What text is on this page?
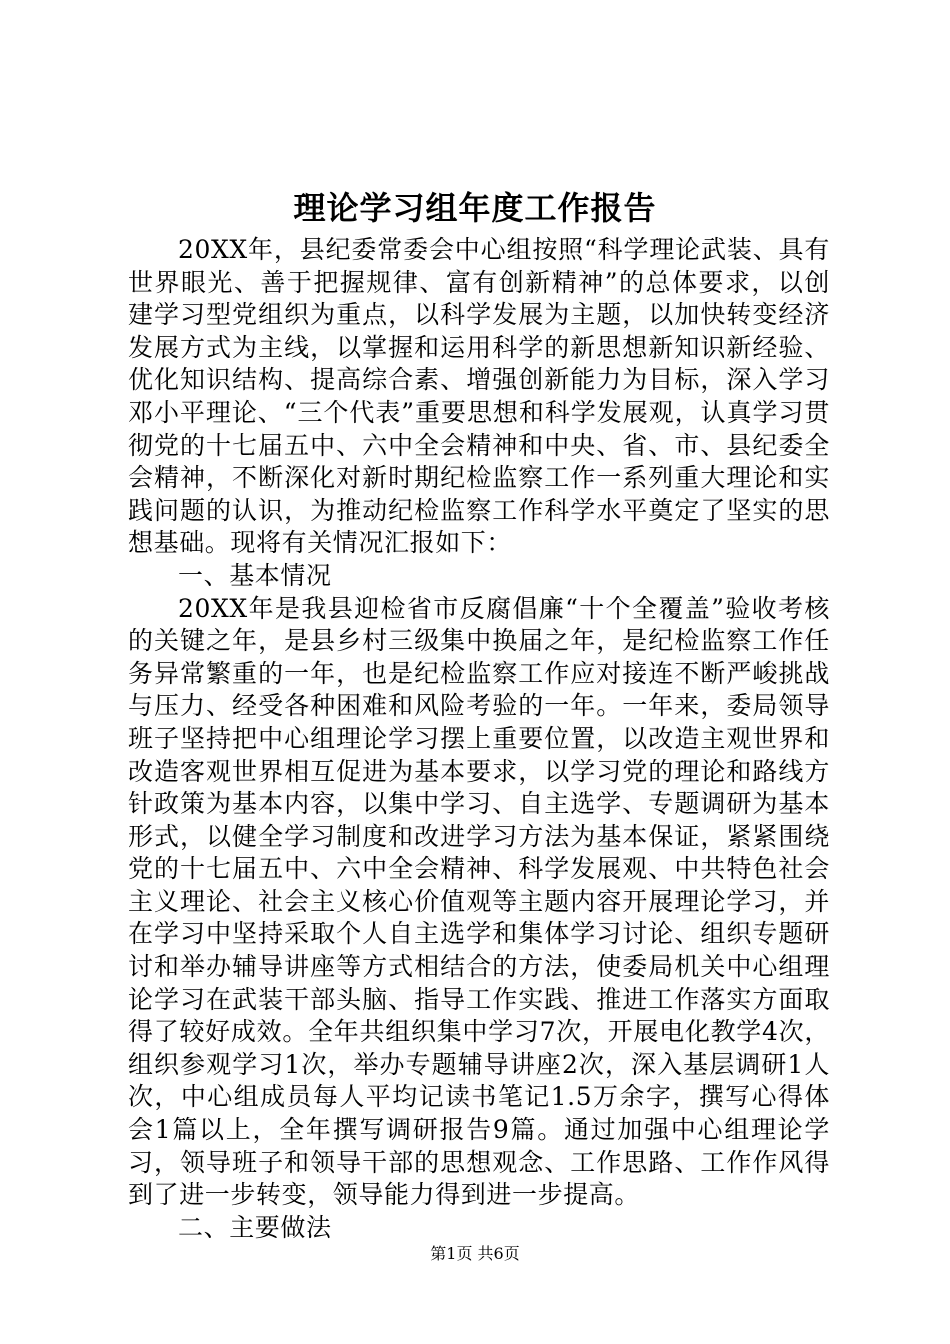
理论学习组年度工作报告

20XX年，县纪委常委会中心组按照“科学理论武装、具有世界眼光、善于把握规律、富有创新精神”的总体要求，以创建学习型党组织为重点，以科学发展为主题，以加快转变经济发展方式为主线，以掌握和运用科学的新思想新知识新经验、优化知识结构、提高综合素、增强创新能力为目标，深入学习邓小平理论、“三个代表”重要思想和科学发展观，认真学习贯彻党的十七届五中、六中全会精神和中央、省、市、县纪委全会精神，不断深化对新时期纪检监察工作一系列重大理论和实践问题的认识，为推动纪检监察工作科学水平奠定了坚实的思想基础。现将有关情况汇报如下：

一、基本情况

20XX年是我县迎检省市反腐倡廉“十个全覆盖”验收考核的关键之年，是县乡村三级集中换届之年，是纪检监察工作任务异常繁重的一年，也是纪检监察工作应对接连不断严峻挑战与压力、经受各种困难和风险考验的一年。一年来，委局领导班子坚持把中心组理论学习摆上重要位置，以改造主观世界和改造客观世界相互促进为基本要求，以学习党的理论和路线方针政策为基本内容，以集中学习、自主选学、专题调研为基本形式，以健全学习制度和改进学习方法为基本保证，紧紧围绕党的十七届五中、六中全会精神、科学发展观、中共特色社会主义理论、社会主义核心价值观等主题内容开展理论学习，并在学习中坚持采取个人自主选学和集体学习讨论、组织专题研讨和举办辅导讲座等方式相结合的方法，使委局机关中心组理论学习在武装干部头脑、指导工作实践、推进工作落实方面取得了较好成效。全年共组织集中学习7次，开展电化教学4次，组织参观学习1次，举办专题辅导讲座2次，深入基层调研1人次，中心组成员每人平均记读书笔记1.5万余字，撰写心得体会1篇以上，全年撰写调研报告9篇。通过加强中心组理论学习，领导班子和领导干部的思想观念、工作思路、工作作风得到了进一步转变，领导能力得到进一步提高。

二、主要做法

第1页 共6页
